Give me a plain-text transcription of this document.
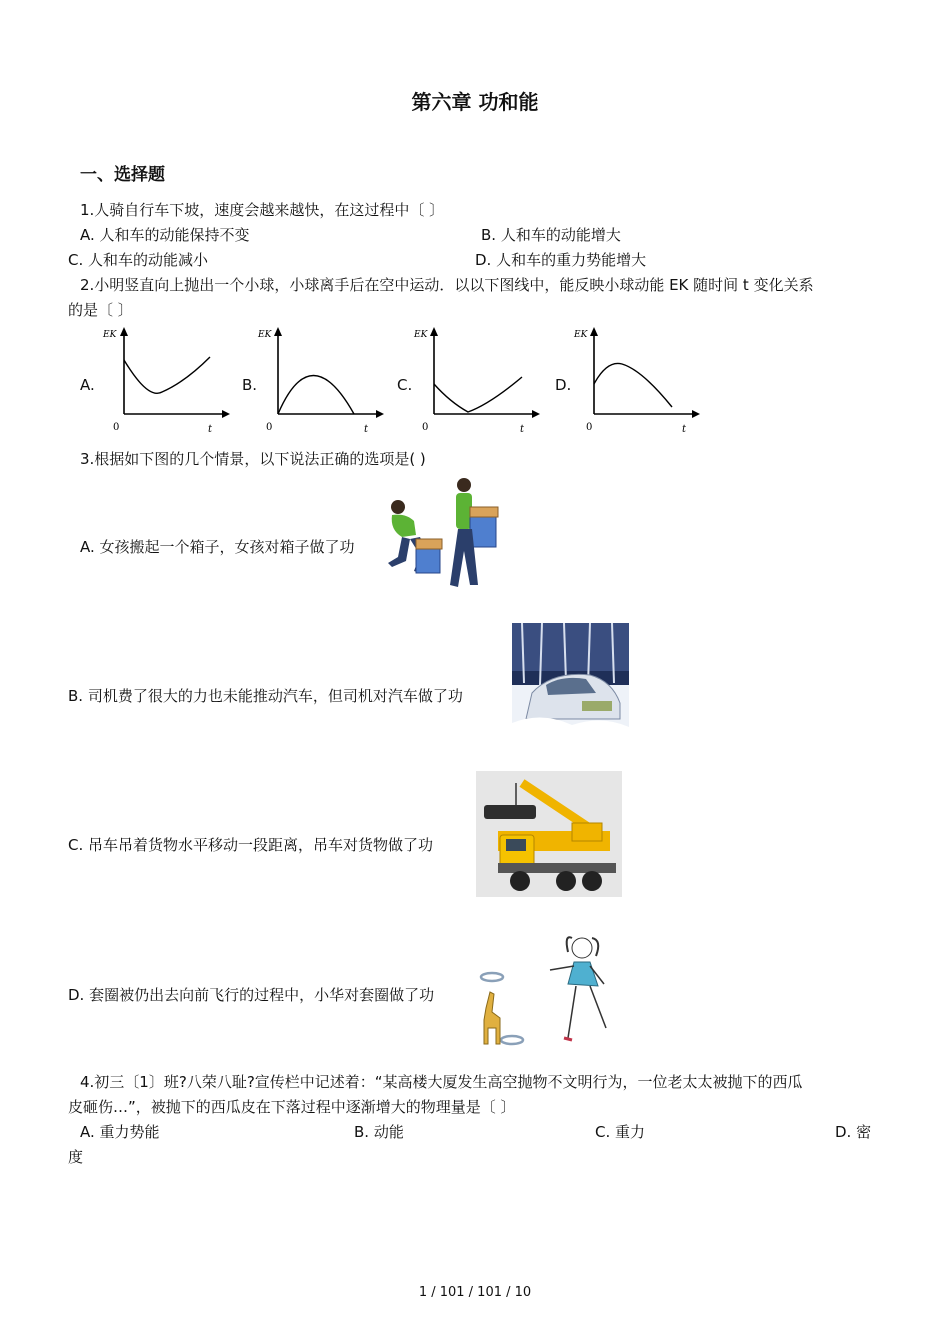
第六章 功和能
一、选择题
1.人骑自行车下坡，速度会越来越快，在这过程中〔 〕
A. 人和车的动能保持不变	B. 人和车的动能增大
C. 人和车的动能减小	D. 人和车的重力势能增大
2.小明竖直向上抛出一个小球，小球离手后在空中运动．以以下图线中，能反映小球动能 EK 随时间 t 变化关系
的是〔 〕
A.	B.	C.	D.
EK
t
0
EK
t
0
EK
t
0
EK
t
0
3.根据如下图的几个情景，以下说法正确的选项是( )
A. 女孩搬起一个箱子，女孩对箱子做了功
B. 司机费了很大的力也未能推动汽车，但司机对汽车做了功
C. 吊车吊着货物水平移动一段距离，吊车对货物做了功
D. 套圈被仍出去向前飞行的过程中，小华对套圈做了功
4.初三〔1〕班?八荣八耻?宣传栏中记述着：“某高楼大厦发生高空抛物不文明行为，一位老太太被抛下的西瓜
皮砸伤…”，被抛下的西瓜皮在下落过程中逐渐增大的物理量是〔 〕
A. 重力势能	B. 动能	C. 重力	D. 密
度
1 / 101 / 101 / 10
